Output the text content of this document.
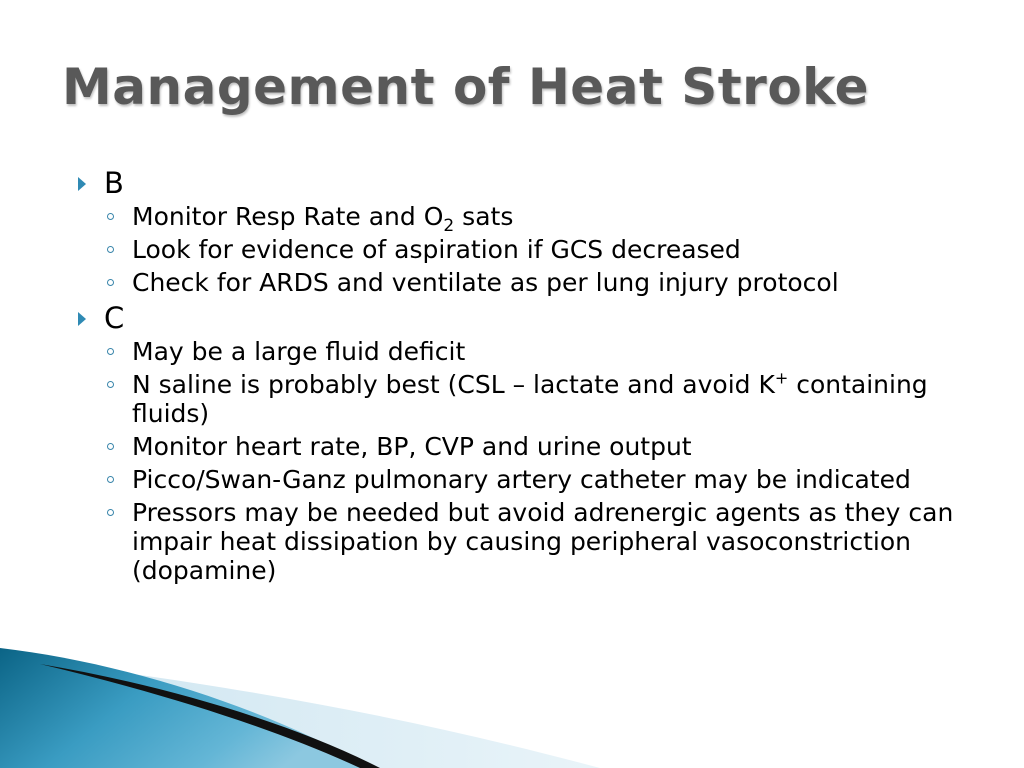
Management of Heat Stroke
B
Monitor Resp Rate and $O_2$ sats
Look for evidence of aspiration if GCS decreased
Check for ARDS and ventilate as per lung injury protocol
C
May be a large fluid deficit
N saline is probably best (CSL – lactate and avoid K+ containing fluids)
Monitor heart rate, BP, CVP and urine output
Picco/Swan-Ganz pulmonary artery catheter may be indicated
Pressors may be needed but avoid adrenergic agents as they can impair heat dissipation by causing peripheral vasoconstriction (dopamine)
